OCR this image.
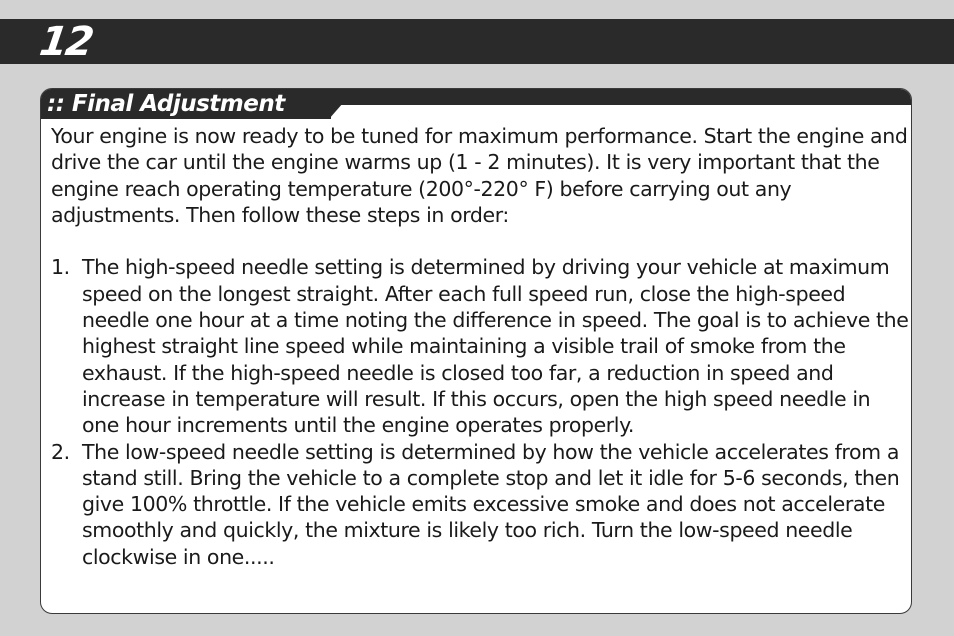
12
:: Final Adjustment

Your engine is now ready to be tuned for maximum performance. Start the engine and drive the car until the engine warms up (1 - 2 minutes). It is very important that the engine reach operating temperature (200°-220° F) before carrying out any adjustments. Then follow these steps in order:

1. The high-speed needle setting is determined by driving your vehicle at maximum speed on the longest straight. After each full speed run, close the high-speed needle one hour at a time noting the difference in speed. The goal is to achieve the highest straight line speed while maintaining a visible trail of smoke from the exhaust. If the high-speed needle is closed too far, a reduction in speed and increase in temperature will result. If this occurs, open the high speed needle in one hour increments until the engine operates properly.
2. The low-speed needle setting is determined by how the vehicle accelerates from a stand still. Bring the vehicle to a complete stop and let it idle for 5-6 seconds, then give 100% throttle. If the vehicle emits excessive smoke and does not accelerate smoothly and quickly, the mixture is likely too rich. Turn the low-speed needle clockwise in one.....
